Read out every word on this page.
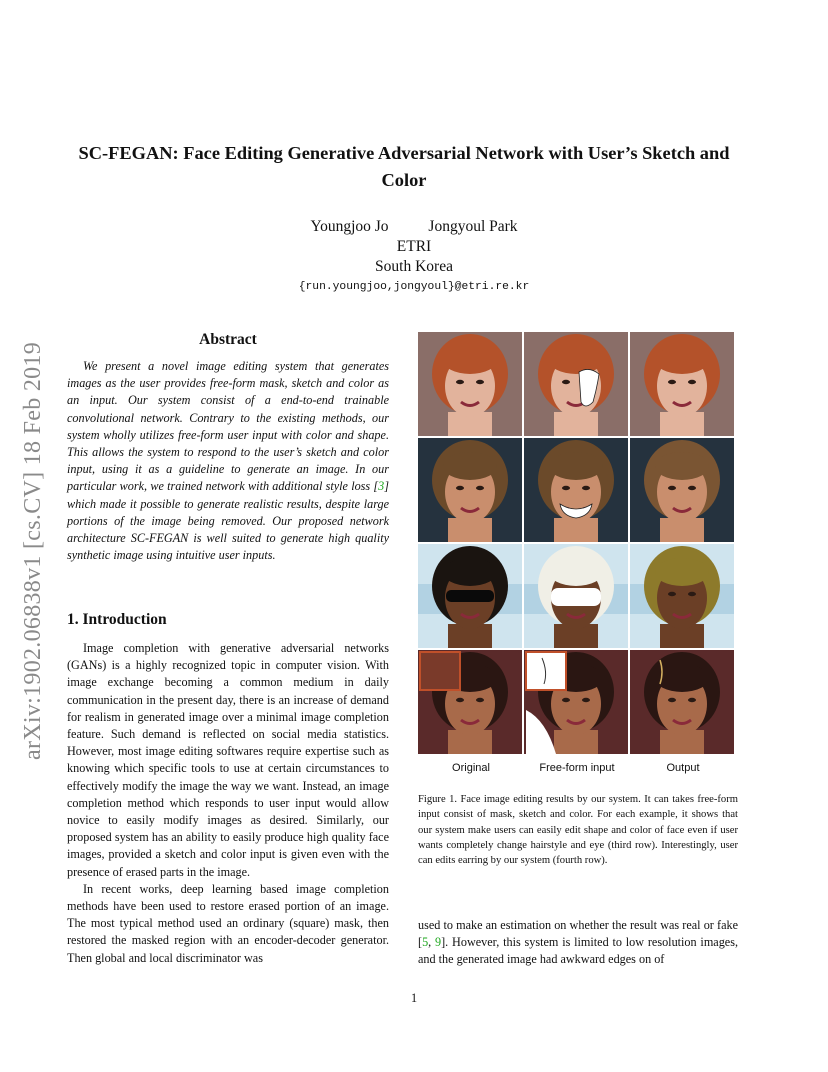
arXiv:1902.06838v1 [cs.CV] 18 Feb 2019
SC-FEGAN: Face Editing Generative Adversarial Network with User’s Sketch and Color
Youngjoo Jo	Jongyoul Park
ETRI
South Korea
{run.youngjoo,jongyoul}@etri.re.kr
Abstract
We present a novel image editing system that generates images as the user provides free-form mask, sketch and color as an input. Our system consist of a end-to-end trainable convolutional network. Contrary to the existing methods, our system wholly utilizes free-form user input with color and shape. This allows the system to respond to the user’s sketch and color input, using it as a guideline to generate an image. In our particular work, we trained network with additional style loss [3] which made it possible to generate realistic results, despite large portions of the image being removed. Our proposed network architecture SC-FEGAN is well suited to generate high quality synthetic image using intuitive user inputs.
1. Introduction

Image completion with generative adversarial networks (GANs) is a highly recognized topic in computer vision. With image exchange becoming a common medium in daily communication in the present day, there is an increase of demand for realism in generated image over a minimal image completion feature. Such demand is reflected on social media statistics. However, most image editing softwares require expertise such as knowing which specific tools to use at certain circumstances to effectively modify the image the way we want. Instead, an image completion method which responds to user input would allow novice to easily modify images as desired. Similarly, our proposed system has an ability to easily produce high quality face images, provided a sketch and color input is given even with the presence of erased parts in the image.

In recent works, deep learning based image completion methods have been used to restore erased portion of an image. The most typical method used an ordinary (square) mask, then restored the masked region with an encoder-decoder generator. Then global and local discriminator was

Original	Free-form input	Output
Figure 1. Face image editing results by our system. It can takes free-form input consist of mask, sketch and color. For each example, it shows that our system make users can easily edit shape and color of face even if user wants completely change hairstyle and eye (third row). Interestingly, user can edits earring by our system (fourth row).
used to make an estimation on whether the result was real or fake [5, 9]. However, this system is limited to low resolution images, and the generated image had awkward edges on of
1
